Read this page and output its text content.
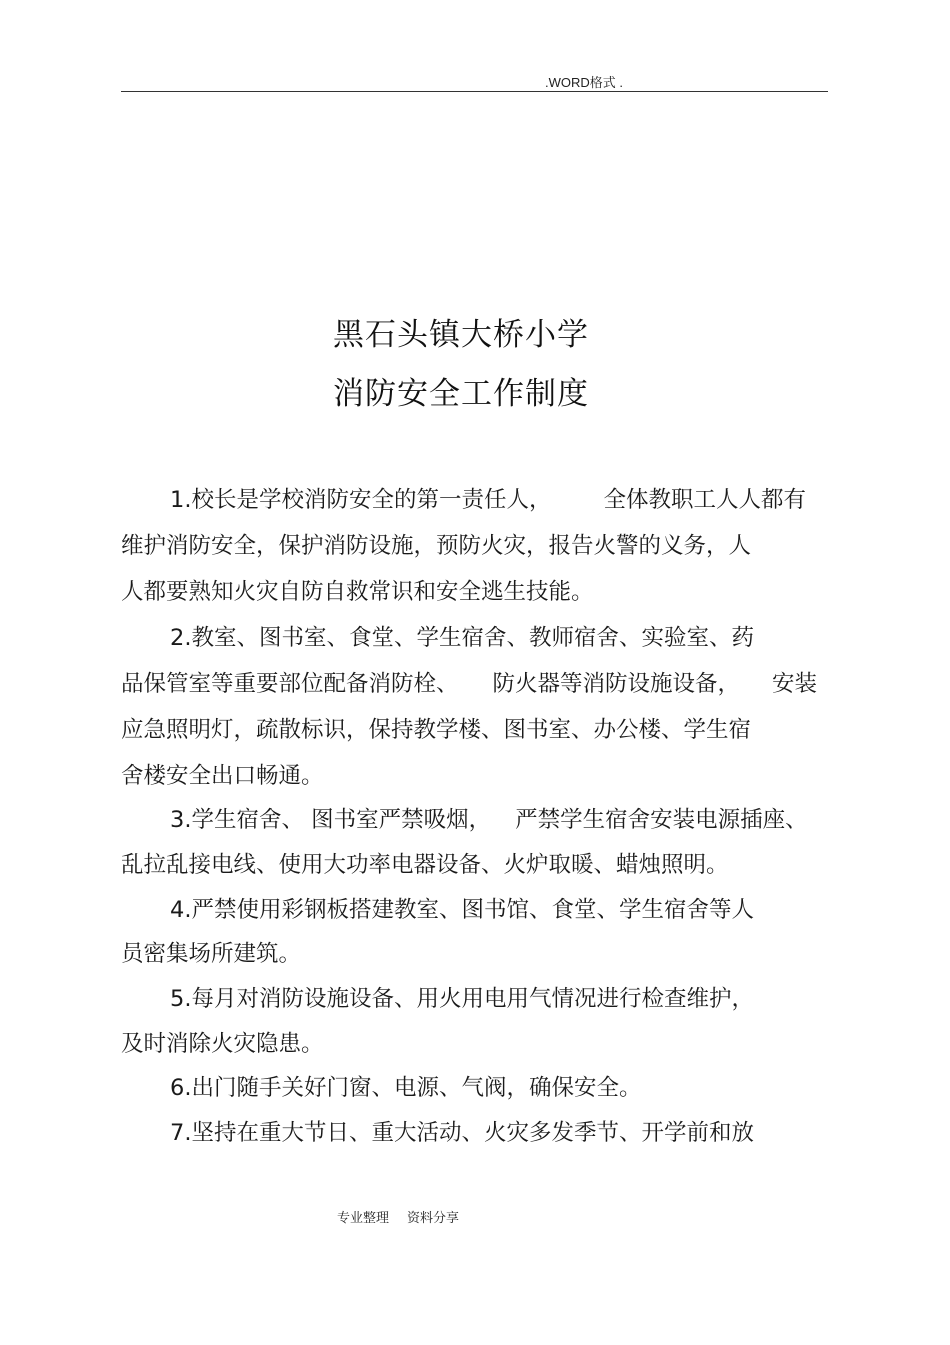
.WORD格式 .
黑石头镇大桥小学
消防安全工作制度
1.校长是学校消防安全的第一责任人， 全体教职工人人都有
维护消防安全，保护消防设施，预防火灾，报告火警的义务，人
人都要熟知火灾自防自救常识和安全逃生技能。
2.教室、图书室、食堂、学生宿舍、教师宿舍、实验室、药
品保管室等重要部位配备消防栓、 防火器等消防设施设备， 安装
应急照明灯，疏散标识，保持教学楼、图书室、办公楼、学生宿
舍楼安全出口畅通。
3.学生宿舍、 图书室严禁吸烟， 严禁学生宿舍安装电源插座、
乱拉乱接电线、使用大功率电器设备、火炉取暖、蜡烛照明。
4.严禁使用彩钢板搭建教室、图书馆、食堂、学生宿舍等人
员密集场所建筑。
5.每月对消防设施设备、用火用电用气情况进行检查维护，
及时消除火灾隐患。
6.出门随手关好门窗、电源、气阀，确保安全。
7.坚持在重大节日、重大活动、火灾多发季节、开学前和放
专业整理 资料分享
